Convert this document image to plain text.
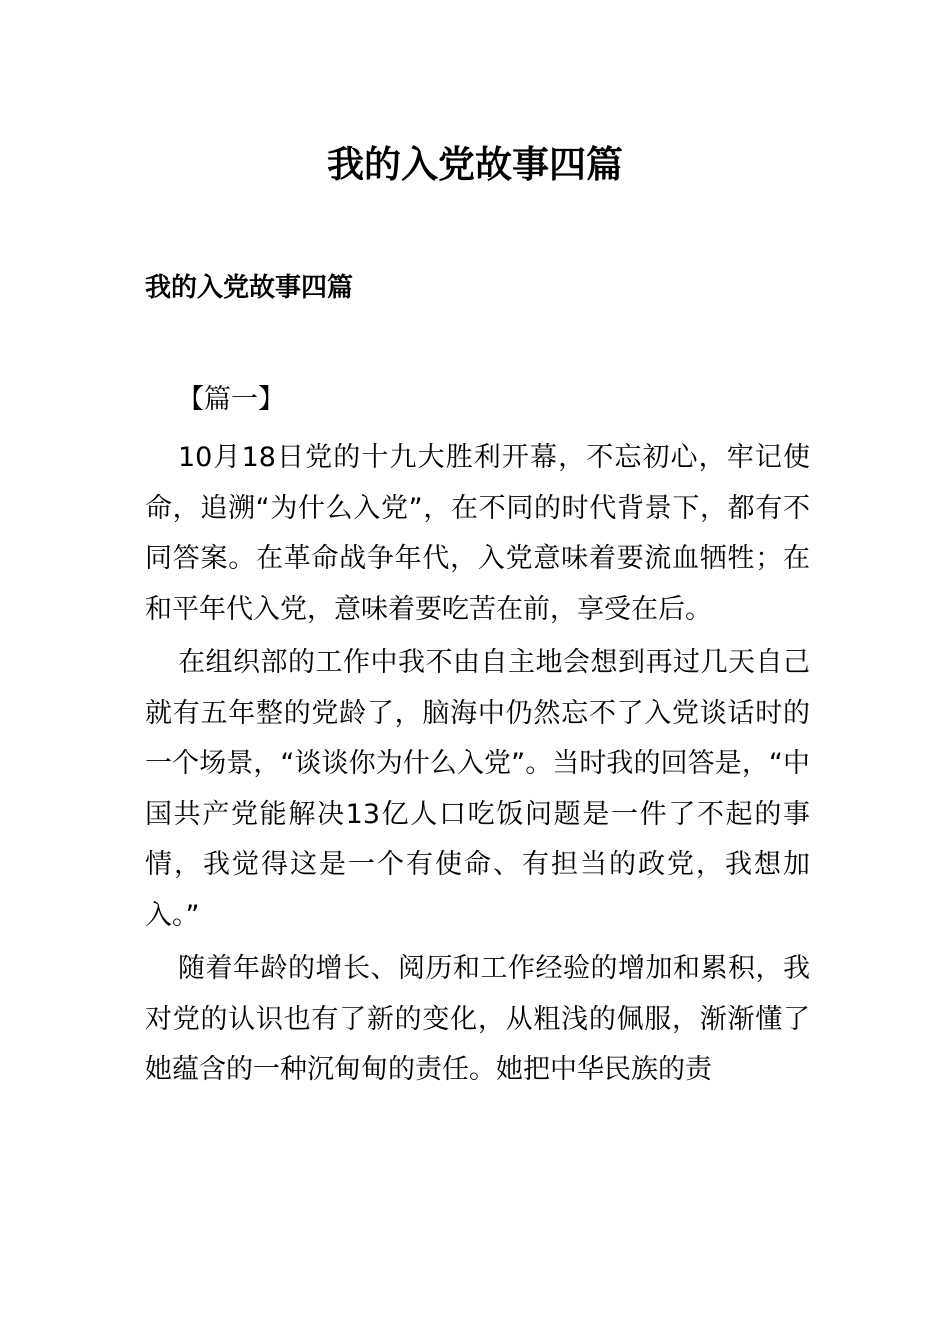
我的入党故事四篇
我的入党故事四篇

【篇一】

10月18日党的十九大胜利开幕，不忘初心，牢记使命，追溯“为什么入党”，在不同的时代背景下，都有不同答案。在革命战争年代，入党意味着要流血牺牲；在和平年代入党，意味着要吃苦在前，享受在后。

在组织部的工作中我不由自主地会想到再过几天自己就有五年整的党龄了，脑海中仍然忘不了入党谈话时的一个场景，“谈谈你为什么入党”。当时我的回答是，“中国共产党能解决13亿人口吃饭问题是一件了不起的事情，我觉得这是一个有使命、有担当的政党，我想加入。”

随着年龄的增长、阅历和工作经验的增加和累积，我对党的认识也有了新的变化，从粗浅的佩服，渐渐懂了她蕴含的一种沉甸甸的责任。她把中华民族的责
